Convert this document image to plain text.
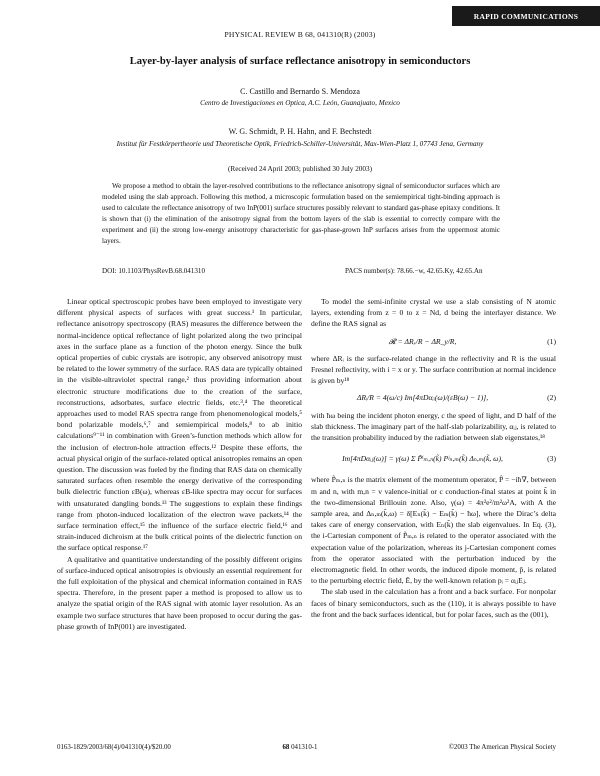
RAPID COMMUNICATIONS
PHYSICAL REVIEW B 68, 041310(R) (2003)
Layer-by-layer analysis of surface reflectance anisotropy in semiconductors
C. Castillo and Bernardo S. Mendoza
Centro de Investigaciones en Optica, A.C. León, Guanajuato, Mexico
W. G. Schmidt, P. H. Hahn, and F. Bechstedt
Institut für Festkörpertheorie und Theoretische Optik, Friedrich-Schiller-Universität, Max-Wien-Platz 1, 07743 Jena, Germany
(Received 24 April 2003; published 30 July 2003)
We propose a method to obtain the layer-resolved contributions to the reflectance anisotropy signal of semiconductor surfaces which are modeled using the slab approach. Following this method, a microscopic formulation based on the semiempirical tight-binding approach is used to calculate the reflectance anisotropy of two InP(001) surface structures possibly relevant to standard gas-phase epitaxy conditions. It is shown that (i) the elimination of the anisotropy signal from the bottom layers of the slab is essential to correctly compare with the experiment and (ii) the strong low-energy anisotropy characteristic for gas-phase-grown InP surfaces arises from the uppermost atomic layers.
DOI: 10.1103/PhysRevB.68.041310	PACS number(s): 78.66.−w, 42.65.Ky, 42.65.An

Linear optical spectroscopic probes have been employed to investigate very different physical aspects of surfaces with great success.¹ In particular, reflectance anisotropy spectroscopy (RAS) measures the difference between the normal-incidence optical reflectance of light polarized along the two principal axes in the surface plane as a function of the photon energy. Since the bulk optical properties of cubic crystals are isotropic, any observed anisotropy must be related to the lower symmetry of the surface. RAS data are typically obtained in the visible-ultraviolet spectral range,² thus providing information about electronic structure modifications due to the creation of the surface, reconstructions, adsorbates, surface electric fields, etc.³,⁴ The theoretical approaches used to model RAS spectra range from phenomenological models,⁵ bond polarizable models,⁶,⁷ and semiempirical models,⁸ to ab initio calculations⁹⁻¹¹ in combination with Green’s-function methods which allow for the inclusion of electron-hole attraction effects.¹² Despite these efforts, the actual physical origin of the surface-related optical anisotropies remains an open question. The discussion was fueled by the finding that RAS data on chemically saturated surfaces often resemble the energy derivative of the corresponding bulk dielectric function εB(ω), whereas εB-like spectra may occur for surfaces with unsaturated dangling bonds.¹³ The suggestions to explain these findings range from photon-induced localization of the electron wave packets,¹⁴ the surface termination effect,¹⁵ the influence of the surface electric field,¹⁶ and strain-induced dichroism at the bulk critical points of the dielectric function on the surface optical response.¹⁷

A qualitative and quantitative understanding of the possibly different origins of surface-induced optical anisotropies is obviously an essential requirement for the full exploitation of the physical and chemical information contained in RAS spectra. Therefore, in the present paper a method is proposed to allow us to analyze the spatial origin of the RAS signal with atomic layer resolution. As an example two surface structures that have been proposed to occur during the gas-phase growth of InP(001) are investigated.

To model the semi-infinite crystal we use a slab consisting of N atomic layers, extending from z = 0 to z = Nd, d being the interlayer distance. We define the RAS signal as

𝓡 = ΔRₓ/R − ΔR_y/R,	(1)

where ΔRᵢ is the surface-related change in the reflectivity and R is the usual Fresnel reflectivity, with i = x or y. The surface contribution at normal incidence is given by¹⁸

ΔRᵢ/R = 4(ω/c) Im[4πDαᵢᵢ(ω)/(εB(ω) − 1)],	(2)

with ħω being the incident photon energy, c the speed of light, and D half of the slab thickness. The imaginary part of the half-slab polarizability, αᵢⱼ, is related to the transition probability induced by the radiation between slab eigenstates,¹⁸

Im[4πDαᵢⱼ(ω)] = γ(ω) Σ P̃ⁱₘ,ₙ(k̃) Pʲₙ,ₘ(k̃) Δₙ,ₘ(k̃, ω),	(3)

where P̃ₘ,ₙ is the matrix element of the momentum operator, P̂ = −iħ∇, between m and n, with m,n = v valence-initial or c conduction-final states at point k̃ in the two-dimensional Brillouin zone. Also, γ(ω) = 4π²e²/m²ω²A, with A the sample area, and Δₙ,ₘ(k̃,ω) = δ[Eₙ(k̃) − Eₘ(k̃) − ħω], where the Dirac’s delta takes care of energy conservation, with Eₙ(k̃) the slab eigenvalues. In Eq. (3), the i-Cartesian component of P̃ₘ,ₙ is related to the operator associated with the expectation value of the polarization, whereas its j-Cartesian component comes from the operator associated with the perturbation induced by the electromagnetic field. In other words, the induced dipole moment, p̂, is related to the perturbing electric field, Ẽ, by the well-known relation pᵢ = αᵢⱼEⱼ.

The slab used in the calculation has a front and a back surface. For nonpolar faces of binary semiconductors, such as the (110), it is always possible to have the front and the back surfaces identical, but for polar faces, such as the (001),

0163-1829/2003/68(4)/041310(4)/$20.00	68 041310-1	©2003 The American Physical Society
